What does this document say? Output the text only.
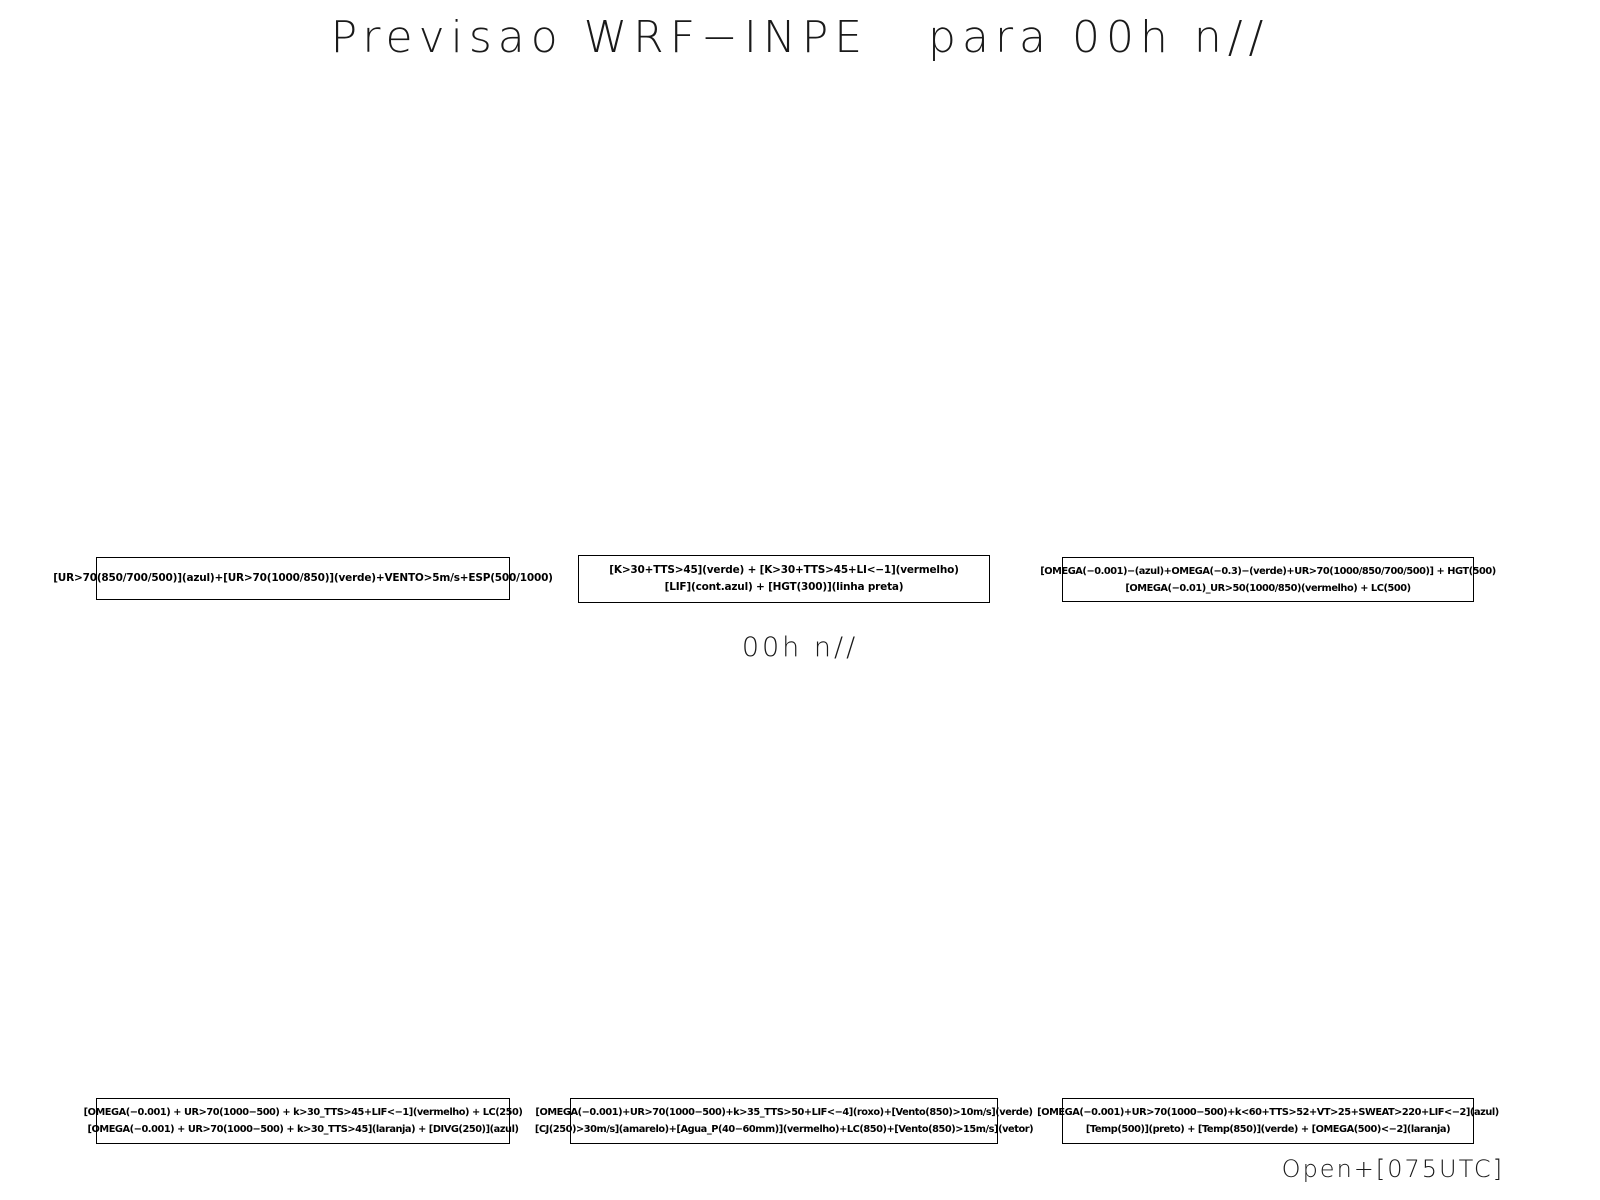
Previsao WRF−INPE   para 00h n//
[UR>70(850/700/500)](azul)+[UR>70(1000/850)](verde)+VENTO>5m/s+ESP(500/1000)
[K>30+TTS>45](verde) + [K>30+TTS>45+LI<−1](vermelho)
[LIF](cont.azul) + [HGT(300)](linha preta)
[OMEGA(−0.001)−(azul)+OMEGA(−0.3)−(verde)+UR>70(1000/850/700/500)] + HGT(500)
[OMEGA(−0.01)_UR>50(1000/850)(vermelho) + LC(500)
00h n//
[OMEGA(−0.001) + UR>70(1000−500) + k>30_TTS>45+LIF<−1](vermelho) + LC(250)
[OMEGA(−0.001) + UR>70(1000−500) + k>30_TTS>45](laranja) + [DIVG(250)](azul)
[OMEGA(−0.001)+UR>70(1000−500)+k>35_TTS>50+LIF<−4](roxo)+[Vento(850)>10m/s](verde)
[CJ(250)>30m/s](amarelo)+[Agua_P(40−60mm)](vermelho)+LC(850)+[Vento(850)>15m/s](vetor)
[OMEGA(−0.001)+UR>70(1000−500)+k<60+TTS>52+VT>25+SWEAT>220+LIF<−2](azul)
[Temp(500)](preto) + [Temp(850)](verde) + [OMEGA(500)<−2](laranja)
Open+[075UTC]
